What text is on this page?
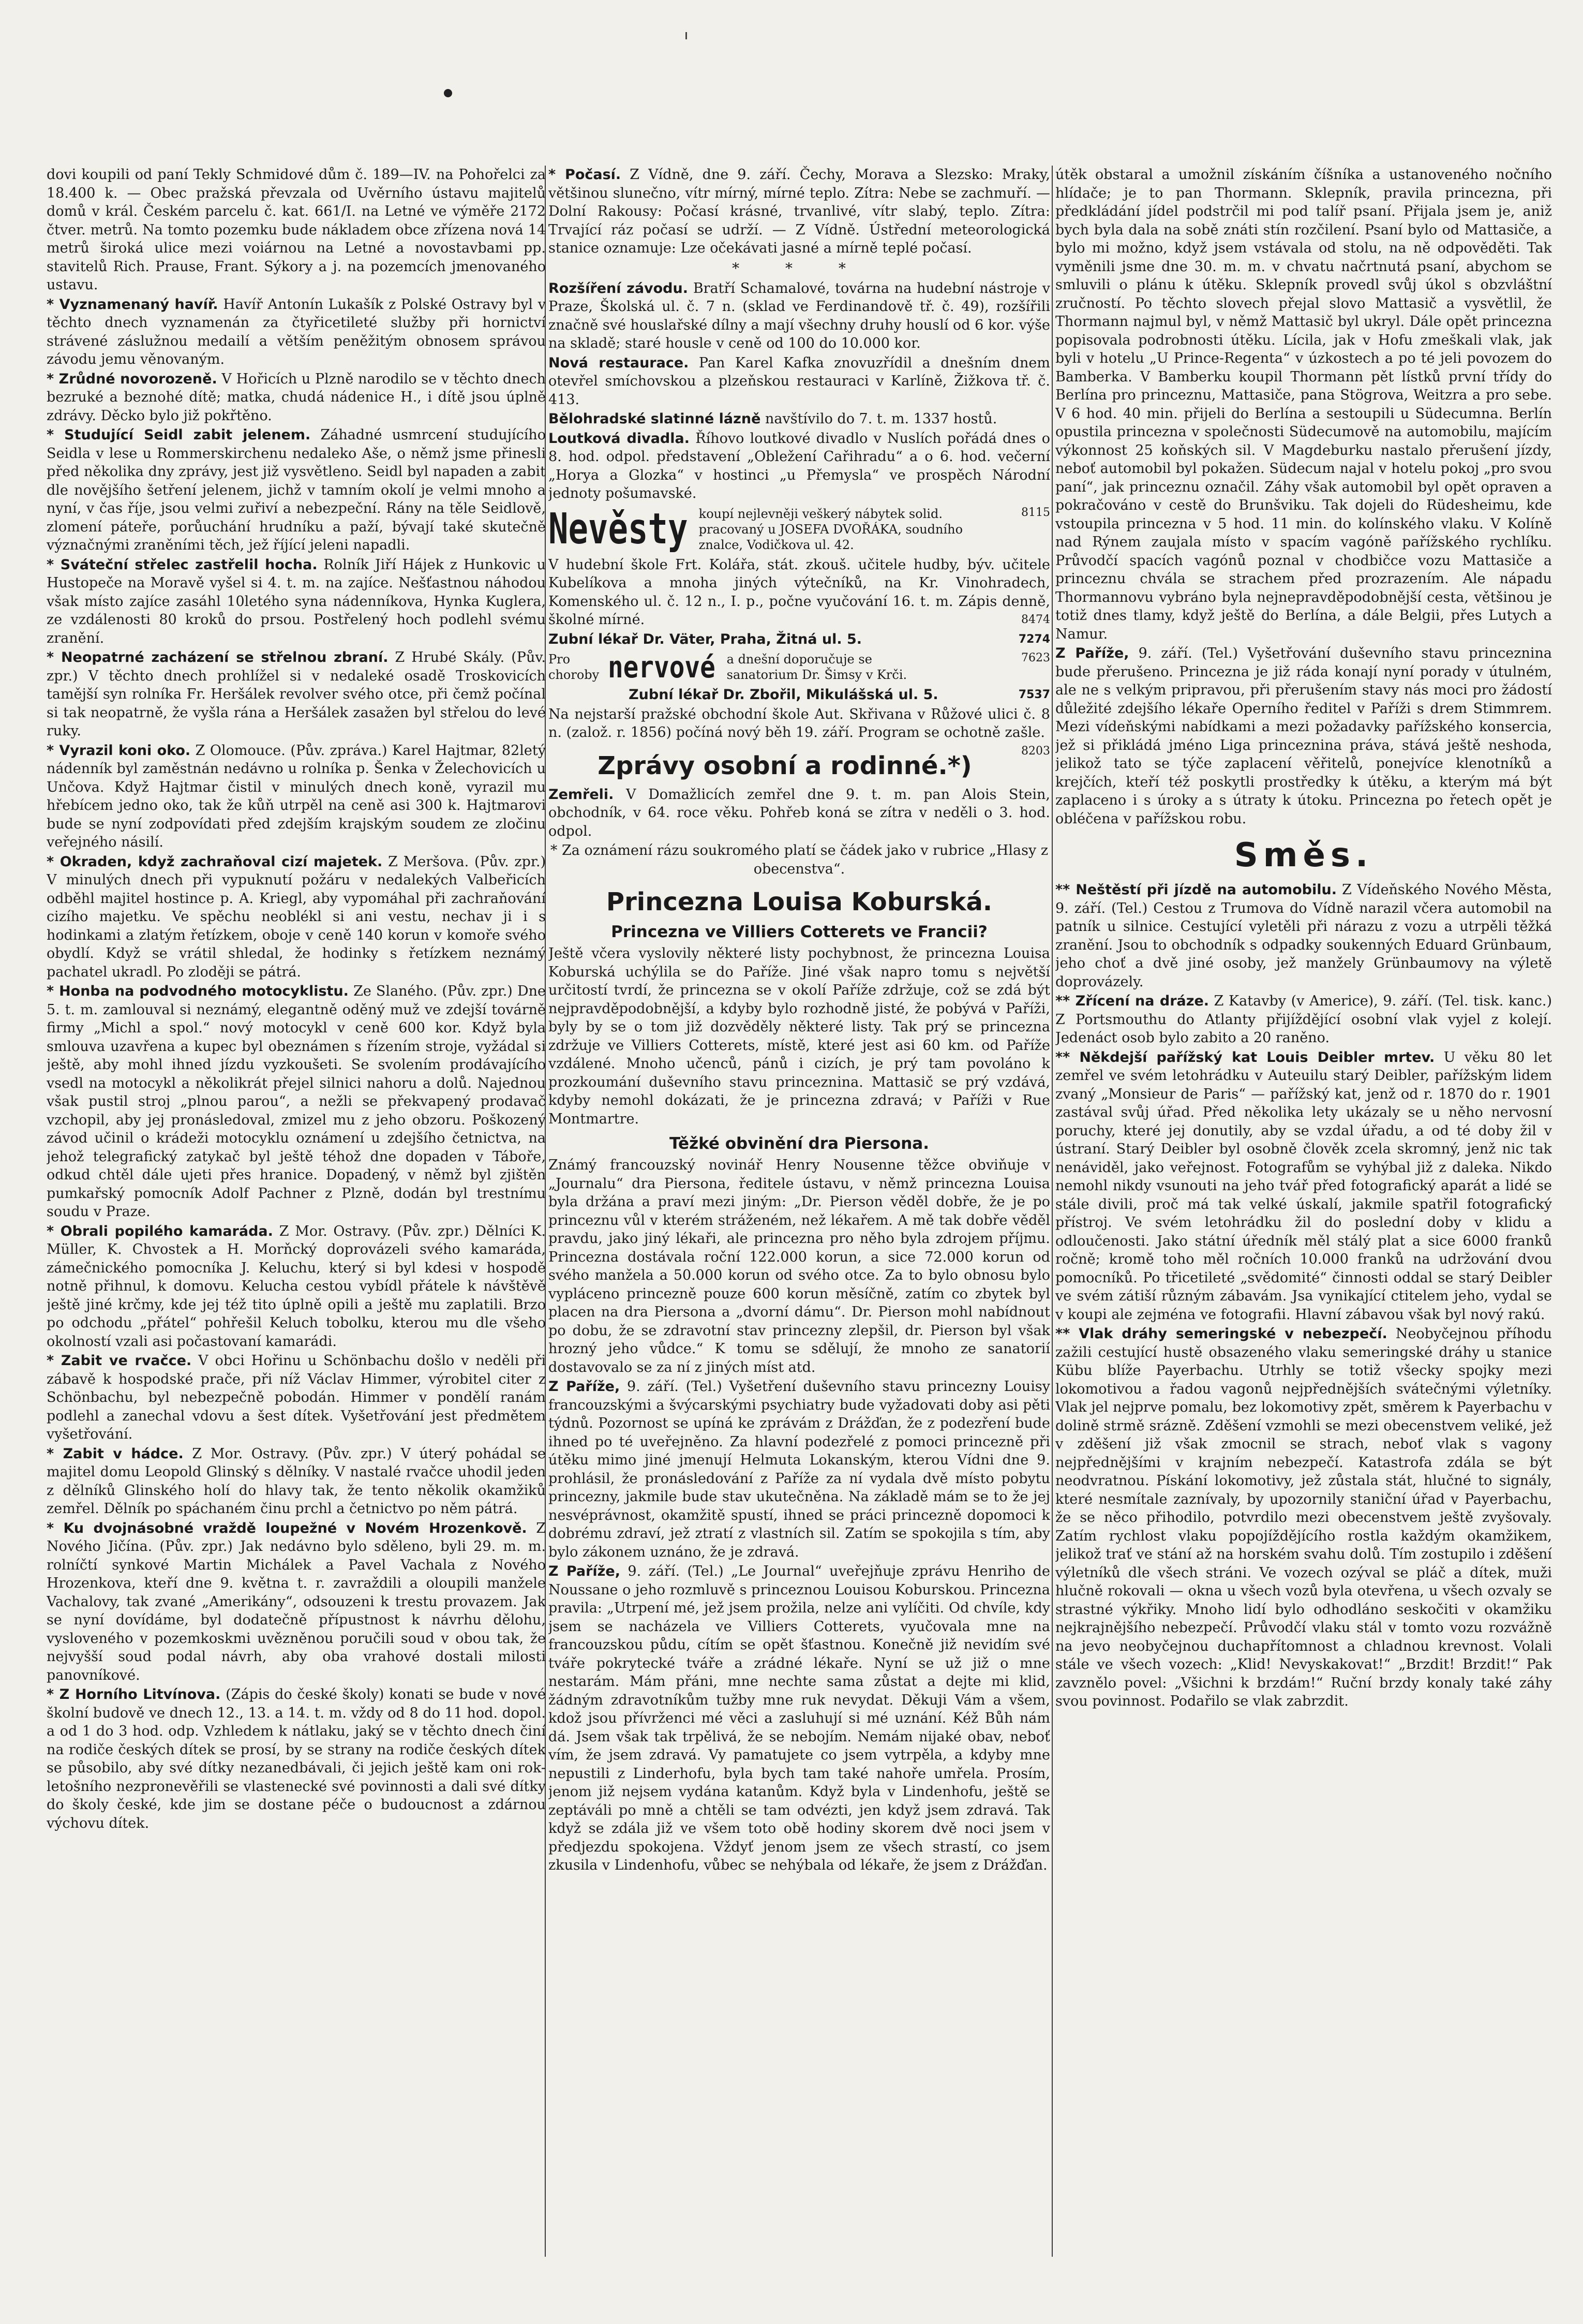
dovi koupili od paní Tekly Schmidové dům č. 189—IV. na Pohořelci za 18.400 k. — Obec pražská převzala od Uvěrního ústavu majitelů domů v král. Českém parcelu č. kat. 661/I. na Letné ve výměře 2172 čtver. metrů. Na tomto pozemku bude nákladem obce zřízena nová 14 metrů široká ulice mezi voiárnou na Letné a novostavbami pp. stavitelů Rich. Prause, Frant. Sýkory a j. na pozemcích jmenovaného ustavu.

* Vyznamenaný havíř. Havíř Antonín Lukašík z Polské Ostravy byl v těchto dnech vyznamenán za čtyřicetileté služby při hornictví strávené záslužnou medailí a větším peněžitým obnosem správou závodu jemu věnovaným.

* Zrůdné novorozeně. V Hořicích u Plzně narodilo se v těchto dnech bezruké a beznohé dítě; matka, chudá nádenice H., i dítě jsou úplně zdrávy. Děcko bylo již pokřtěno.

* Studující Seidl zabit jelenem. Záhadné usmrcení studujícího Seidla v lese u Rommerskirchenu nedaleko Aše, o němž jsme přinesli před několika dny zprávy, jest již vysvětleno. Seidl byl napaden a zabit dle novějšího šetření jelenem, jichž v tamním okolí je velmi mnoho a nyní, v čas říje, jsou velmi zuřiví a nebezpeční. Rány na těle Seidlově, zlomení páteře, porůuchání hrudníku a paží, bývají také skutečně význačnými zraněními těch, jež říjící jeleni napadli.

* Sváteční střelec zastřelil hocha. Rolník Jiří Hájek z Hunkovic u Hustopeče na Moravě vyšel si 4. t. m. na zajíce. Nešťastnou náhodou však místo zajíce zasáhl 10letého syna nádenníkova, Hynka Kuglera, ze vzdálenosti 80 kroků do prsou. Postřelený hoch podlehl svému zranění.

* Neopatrné zacházení se střelnou zbraní. Z Hrubé Skály. (Pův. zpr.) V těchto dnech prohlížel si v nedaleké osadě Troskovicích tamější syn rolníka Fr. Heršálek revolver svého otce, při čemž počínal si tak neopatrně, že vyšla rána a Heršálek zasažen byl střelou do levé ruky.

* Vyrazil koni oko. Z Olomouce. (Pův. zpráva.) Karel Hajtmar, 82letý nádenník byl zaměstnán nedávno u rolníka p. Šenka v Želechovicích u Unčova. Když Hajtmar čistil v minulých dnech koně, vyrazil mu hřebícem jedno oko, tak že kůň utrpěl na ceně asi 300 k. Hajtmarovi bude se nyní zodpovídati před zdejším krajským soudem ze zločinu veřejného násilí.

* Okraden, když zachraňoval cizí majetek. Z Meršova. (Pův. zpr.) V minulých dnech při vypuknutí požáru v nedalekých Valbeřicích odběhl majitel hostince p. A. Kriegl, aby vypomáhal při zachraňování cizího majetku. Ve spěchu neoblékl si ani vestu, nechav ji i s hodinkami a zlatým řetízkem, oboje v ceně 140 korun v komoře svého obydlí. Když se vrátil shledal, že hodinky s řetízkem neznámý pachatel ukradl. Po zloději se pátrá.

* Honba na podvodného motocyklistu. Ze Slaného. (Pův. zpr.) Dne 5. t. m. zamlouval si neznámý, elegantně oděný muž ve zdejší továrně firmy „Michl a spol.“ nový motocykl v ceně 600 kor. Když byla smlouva uzavřena a kupec byl obeznámen s řízením stroje, vyžádal si ještě, aby mohl ihned jízdu vyzkoušeti. Se svolením prodávajícího vsedl na motocykl a několikrát přejel silnici nahoru a dolů. Najednou však pustil stroj „plnou parou“, a nežli se překvapený prodavač vzchopil, aby jej pronásledoval, zmizel mu z jeho obzoru. Poškozený závod učinil o krádeži motocyklu oznámení u zdejšího četnictva, na jehož telegrafický zatykač byl ještě téhož dne dopaden v Táboře, odkud chtěl dále ujeti přes hranice. Dopadený, v němž byl zjištěn pumkařský pomocník Adolf Pachner z Plzně, dodán byl trestnímu soudu v Praze.

* Obrali popilého kamaráda. Z Mor. Ostravy. (Pův. zpr.) Dělníci K. Müller, K. Chvostek a H. Morňcký doprovázeli svého kamaráda, zámečnického pomocníka J. Keluchu, který si byl kdesi v hospodě notně přihnul, k domovu. Kelucha cestou vybídl přátele k návštěvě ještě jiné krčmy, kde jej též tito úplně opili a ještě mu zaplatili. Brzo po odchodu „přátel“ pohřešil Keluch tobolku, kterou mu dle všeho okolností vzali asi počastovaní kamarádi.

* Zabit ve rvačce. V obci Hořinu u Schönbachu došlo v neděli při zábavě k hospodské prače, při níž Václav Himmer, výrobitel citer z Schönbachu, byl nebezpečně pobodán. Himmer v pondělí ranám podlehl a zanechal vdovu a šest dítek. Vyšetřování jest předmětem vyšetřování.

* Zabit v hádce. Z Mor. Ostravy. (Pův. zpr.) V úterý pohádal se majitel domu Leopold Glinský s dělníky. V nastalé rvačce uhodil jeden z dělníků Glinského holí do hlavy tak, že tento několik okamžiků zemřel. Dělník po spáchaném činu prchl a četnictvo po něm pátrá.

* Ku dvojnásobné vraždě loupežné v Novém Hrozenkově. Z Nového Jičína. (Pův. zpr.) Jak nedávno bylo sděleno, byli 29. m. m. rolníčtí synkové Martin Michálek a Pavel Vachala z Nového Hrozenkova, kteří dne 9. května t. r. zavraždili a oloupili manžele Vachalovy, tak zvané „Amerikány“, odsouzeni k trestu provazem. Jak se nyní dovídáme, byl dodatečně přípustnost k návrhu dělohu, vysloveného v pozemkoskmi uvězněnou poručili soud v obou tak, že nejvyšší soud podal návrh, aby oba vrahové dostali milosti panovníkové.

* Z Horního Litvínova. (Zápis do české školy) konati se bude v nové školní budově ve dnech 12., 13. a 14. t. m. vždy od 8 do 11 hod. dopol. a od 1 do 3 hod. odp. Vzhledem k nátlaku, jaký se v těchto dnech činí na rodiče českých dítek se prosí, by se strany na rodiče českých dítek se působilo, aby své dítky nezanedbávali, či jejich ještě kam oni rok-letošního nezpronevěřili se vlastenecké své povinnosti a dali své dítky do školy české, kde jim se dostane péče o budoucnost a zdárnou výchovu dítek.

* Počasí. Z Vídně, dne 9. září. Čechy, Morava a Slezsko: Mraky, většinou slunečno, vítr mírný, mírné teplo. Zítra: Nebe se zachmuří. — Dolní Rakousy: Počasí krásné, trvanlivé, vítr slabý, teplo. Zítra: Trvající ráz počasí se udrží. — Z Vídně. Ústřední meteorologická stanice oznamuje: Lze očekávati jasné a mírně teplé počasí.

* * *

Rozšíření závodu. Bratří Schamalové, továrna na hudební nástroje v Praze, Školská ul. č. 7 n. (sklad ve Ferdinandově tř. č. 49), rozšířili značně své houslařské dílny a mají všechny druhy houslí od 6 kor. výše na skladě; staré housle v ceně od 100 do 10.000 kor.

Nová restaurace. Pan Karel Kafka znovuzřídil a dnešním dnem otevřel smíchovskou a plzeňskou restauraci v Karlíně, Žižkova tř. č. 413.

Bělohradské slatinné lázně navštívilo do 7. t. m. 1337 hostů.

Loutková divadla. Říhovo loutkové divadlo v Nuslích pořádá dnes o 8. hod. odpol. představení „Obležení Cařihradu“ a o 6. hod. večerní „Horya a Glozka“ v hostinci „u Přemysla“ ve prospěch Národní jednoty pošumavské.

Nevěsty koupí nejlevněji veškerý nábytek solid. pracovaný u JOSEFA DVOŘÁKA, soudního znalce, Vodičkova ul. 42.
8115

V hudební škole Frt. Kolářa, stát. zkouš. učitele hudby, býv. učitele Kubelíkova a mnoha jiných výtečníků, na Kr. Vinohradech, Komenského ul. č. 12 n., I. p., počne vyučování 16. t. m. Zápis denně, školné mírné.	8474

Zubní lékař Dr. Väter, Praha, Žitná ul. 5.	7274

Pro choroby nervové a dnešní doporučuje se sanatorium Dr. Šimsy v Krči.
7623

Zubní lékař Dr. Zbořil, Mikulášská ul. 5.	7537

Na nejstarší pražské obchodní škole Aut. Skřivana v Růžové ulici č. 8 n. (založ. r. 1856) počíná nový běh 19. září. Program se ochotně zašle.
8203

Zprávy osobní a rodinné.*)

Zemřeli. V Domažlicích zemřel dne 9. t. m. pan Alois Stein, obchodník, v 64. roce věku. Pohřeb koná se zítra v neděli o 3. hod. odpol.

* Za oznámení rázu soukromého platí se čádek jako v rubrice „Hlasy z obecenstva“.

Princezna Louisa Koburská.
Princezna ve Villiers Cotterets ve Francii?

Ještě včera vyslovily některé listy pochybnost, že princezna Louisa Koburská uchýlila se do Paříže. Jiné však napro tomu s největší určitostí tvrdí, že princezna se v okolí Paříže zdržuje, což se zdá být nejpravděpodobnější, a kdyby bylo rozhodně jisté, že pobývá v Paříži, byly by se o tom již dozvěděly některé listy. Tak prý se princezna zdržuje ve Villiers Cotterets, místě, které jest asi 60 km. od Paříže vzdálené. Mnoho učenců, pánů i cizích, je prý tam povoláno k prozkoumání duševního stavu princeznina. Mattasič se prý vzdává, kdyby nemohl dokázati, že je princezna zdravá; v Paříži v Rue Montmartre.

Těžké obvinění dra Piersona.

Známý francouzský novinář Henry Nousenne těžce obviňuje v „Journalu“ dra Piersona, ředitele ústavu, v němž princezna Louisa byla držána a praví mezi jiným: „Dr. Pierson věděl dobře, že je po princeznu vůl v kterém stráženém, než lékařem. A mě tak dobře věděl pravdu, jako jiný lékaři, ale princezna pro něho byla zdrojem příjmu. Princezna dostávala roční 122.000 korun, a sice 72.000 korun od svého manžela a 50.000 korun od svého otce. Za to bylo obnosu bylo vypláceno princezně pouze 600 korun měsíčně, zatím co zbytek byl placen na dra Piersona a „dvorní dámu“. Dr. Pierson mohl nabídnout po dobu, že se zdravotní stav princezny zlepšil, dr. Pierson byl však hrozný jeho vůdce.“ K tomu se sdělují, že mnoho ze sanatorií dostavovalo se za ní z jiných míst atd.

Z Paříže, 9. září. (Tel.) Vyšetření duševního stavu princezny Louisy francouzskými a švýcarskými psychiatry bude vyžadovati doby asi pěti týdnů. Pozornost se upíná ke zprávám z Drážďan, že z podezření bude ihned po té uveřejněno. Za hlavní podezřelé z pomoci princezně při útěku mimo jiné jmenují Helmuta Lokanským, kterou Vídni dne 9. prohlásil, že pronásledování z Paříže za ní vydala dvě místo pobytu princezny, jakmile bude stav ukutečněna. Na základě mám se to že jej nesvéprávnost, okamžitě spustí, ihned se práci princezně dopomoci k dobrému zdraví, jež ztratí z vlastních sil. Zatím se spokojila s tím, aby bylo zákonem uznáno, že je zdravá.

Z Paříže, 9. září. (Tel.) „Le Journal“ uveřejňuje zprávu Henriho de Noussane o jeho rozmluvě s princeznou Louisou Koburskou. Princezna pravila: „Utrpení mé, jež jsem prožila, nelze ani vylíčiti. Od chvíle, kdy jsem se nacházela ve Villiers Cotterets, vyučovala mne na francouzskou půdu, cítím se opět šťastnou. Konečně již nevidím své tváře pokrytecké tváře a zrádné lékaře. Nyní se už již o mne nestarám. Mám přáni, mne nechte sama zůstat a dejte mi klid, žádným zdravotníkům tužby mne ruk nevydat. Děkuji Vám a všem, kdož jsou přívrženci mé věci a zasluhují si mé uznání. Kéž Bůh nám dá. Jsem však tak trpělivá, že se nebojím. Nemám nijaké obav, neboť vím, že jsem zdravá. Vy pamatujete co jsem vytrpěla, a kdyby mne nepustili z Linderhofu, byla bych tam také nahoře umřela. Prosím, jenom již nejsem vydána katanům. Když byla v Lindenhofu, ještě se zeptáváli po mně a chtěli se tam odvézti, jen když jsem zdravá. Tak když se zdála již ve všem toto obě hodiny skorem dvě noci jsem v předjezdu spokojena. Vždyť jenom jsem ze všech strastí, co jsem zkusila v Lindenhofu, vůbec se nehýbala od lékaře, že jsem z Drážďan.

útěk obstaral a umožnil získáním číšníka a ustanoveného nočního hlídače; je to pan Thormann. Sklepník, pravila princezna, při předkládání jídel podstrčil mi pod talíř psaní. Přijala jsem je, aniž bych byla dala na sobě znáti stín rozčilení. Psaní bylo od Mattasiče, a bylo mi možno, když jsem vstávala od stolu, na ně odpověděti. Tak vyměnili jsme dne 30. m. m. v chvatu načrtnutá psaní, abychom se smluvili o plánu k útěku. Sklepník provedl svůj úkol s obzvláštní zručností. Po těchto slovech přejal slovo Mattasič a vysvětlil, že Thormann najmul byl, v němž Mattasič byl ukryl. Dále opět princezna popisovala podrobnosti útěku. Lícila, jak v Hofu zmeškali vlak, jak byli v hotelu „U Prince-Regenta“ v úzkostech a po té jeli povozem do Bamberka. V Bamberku koupil Thormann pět lístků první třídy do Berlína pro princeznu, Mattasiče, pana Stögrova, Weitzra a pro sebe. V 6 hod. 40 min. přijeli do Berlína a sestoupili u Südecumna. Berlín opustila princezna v společnosti Südecumově na automobilu, majícím výkonnost 25 koňských sil. V Magdeburku nastalo přerušení jízdy, neboť automobil byl pokažen. Südecum najal v hotelu pokoj „pro svou paní“, jak princeznu označil. Záhy však automobil byl opět opraven a pokračováno v cestě do Brunšviku. Tak dojeli do Rüdesheimu, kde vstoupila princezna v 5 hod. 11 min. do kolínského vlaku. V Kolíně nad Rýnem zaujala místo v spacím vagóně pařížského rychlíku. Průvodčí spacích vagónů poznal v chodbičce vozu Mattasiče a princeznu chvála se strachem před prozrazením. Ale nápadu Thormannovu vybráno byla nejnepravděpodobnější cesta, většinou je totiž dnes tlamy, když ještě do Berlína, a dále Belgii, přes Lutych a Namur.

Z Paříže, 9. září. (Tel.) Vyšetřování duševního stavu princeznina bude přerušeno. Princezna je již ráda konají nyní porady v útulném, ale ne s velkým pripravou, při přerušením stavy nás moci pro žádostí důležité zdejšího lékaře Operního ředitel v Paříži s drem Stimmrem. Mezi vídeňskými nabídkami a mezi požadavky pařížského konsercia, jež si přikládá jméno Liga princeznina práva, stává ještě neshoda, jelikož tato se týče zaplacení věřitelů, ponejvíce klenotníků a krejčích, kteří též poskytli prostředky k útěku, a kterým má být zaplaceno i s úroky a s útraty k útoku. Princezna po řetech opět je obléčena v pařížskou robu.

Směs.

** Neštěstí při jízdě na automobilu. Z Vídeňského Nového Města, 9. září. (Tel.) Cestou z Trumova do Vídně narazil včera automobil na patník u silnice. Cestující vyletěli při nárazu z vozu a utrpěli těžká zranění. Jsou to obchodník s odpadky soukenných Eduard Grünbaum, jeho choť a dvě jiné osoby, jež manžely Grünbaumovy na výletě doprovázely.

** Zřícení na dráze. Z Katavby (v Americe), 9. září. (Tel. tisk. kanc.) Z Portsmouthu do Atlanty přijíždějící osobní vlak vyjel z kolejí. Jedenáct osob bylo zabito a 20 raněno.

** Někdejší pařížský kat Louis Deibler mrtev. U věku 80 let zemřel ve svém letohrádku v Auteuilu starý Deibler, pařížským lidem zvaný „Monsieur de Paris“ — pařížský kat, jenž od r. 1870 do r. 1901 zastával svůj úřad. Před několika lety ukázaly se u něho nervosní poruchy, které jej donutily, aby se vzdal úřadu, a od té doby žil v ústraní. Starý Deibler byl osobně člověk zcela skromný, jenž nic tak nenáviděl, jako veřejnost. Fotografům se vyhýbal již z daleka. Nikdo nemohl nikdy vsunouti na jeho tvář před fotografický aparát a lidé se stále divili, proč má tak velké úskalí, jakmile spatřil fotografický přístroj. Ve svém letohrádku žil do poslední doby v klidu a odloučenosti. Jako státní úředník měl stálý plat a sice 6000 franků ročně; kromě toho měl ročních 10.000 franků na udržování dvou pomocníků. Po třicetileté „svědomité“ činnosti oddal se starý Deibler ve svém zátiší různým zábavám. Jsa vynikající ctitelem jeho, vydal se v koupi ale zejména ve fotografii. Hlavní zábavou však byl nový rakú.

** Vlak dráhy semeringské v nebezpečí. Neobyčejnou příhodu zažili cestující hustě obsazeného vlaku semeringské dráhy u stanice Kübu blíže Payerbachu. Utrhly se totiž všecky spojky mezi lokomotivou a řadou vagonů nejpřednějších svátečnými výletníky. Vlak jel nejprve pomalu, bez lokomotivy zpět, směrem k Payerbachu v dolině strmě srázně. Zděšení vzmohli se mezi obecenstvem veliké, jež v zděšení již však zmocnil se strach, neboť vlak s vagony nejpřednějšími v krajním nebezpečí. Katastrofa zdála se být neodvratnou. Pískání lokomotivy, jež zůstala stát, hlučné to signály, které nesmítale zaznívaly, by upozornily staniční úřad v Payerbachu, že se něco přihodilo, potvrdilo mezi obecenstvem ještě zvyšovaly. Zatím rychlost vlaku popojíždějícího rostla každým okamžikem, jelikož trať ve stání až na horském svahu dolů. Tím zostupilo i zděšení výletníků dle všech stráni. Ve vozech ozýval se pláč a dítek, muži hlučně rokovali — okna u všech vozů byla otevřena, u všech ozvaly se strastné výkřiky. Mnoho lidí bylo odhodláno seskočiti v okamžiku nejkrajnějšího nebezpečí. Průvodčí vlaku stál v tomto vozu rozvážně na jevo neobyčejnou duchapřítomnost a chladnou krevnost. Volali stále ve všech vozech: „Klid! Nevyskakovat!“ „Brzdit! Brzdit!“ Pak zavznělo povel: „Všichni k brzdám!“ Ruční brzdy konaly také záhy svou povinnost. Podařilo se vlak zabrzdit.
